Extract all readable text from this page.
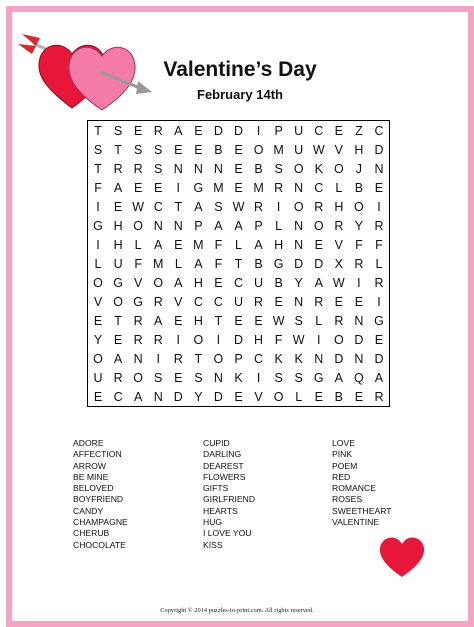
Valentine’s Day
February 14th
T S E R A E D D	I	P U C E Z C
S T S S E E B E O M U W V H D
T R R S N N N E B S O K O J N
F A E E	I	G M E M R N C L B E
I	E W C T A S W R	I	O R H O	I
G H O N N P A A P L N O R Y R
I	H L A E M F	L A H N E V F F
L U F M L A F T B G D D X R L
O G V O A H E C U B Y A W I	R
V O G R V C C U R E N R E E	I
E T R A E H T E E W S L R N G
Y E R R	I	O	I	D H F W I	O D E
O A N	I	R T O P C K K N D N D
U R O S E S N K	I	S S G A Q A
E C A N D Y D E V O L E B E R
ADORE
AFFECTION
ARROW
BE MINE
BELOVED
BOYFRIEND
CANDY
CHAMPAGNE
CHERUB
CHOCOLATE
CUPID
DARLING
DEAREST
FLOWERS
GIFTS
GIRLFRIEND
HEARTS
HUG
I LOVE YOU
KISS
LOVE
PINK
POEM
RED
ROMANCE
ROSES
SWEETHEART
VALENTINE
Copyright © 2014 puzzles-to-print.com. All rights reserved.
